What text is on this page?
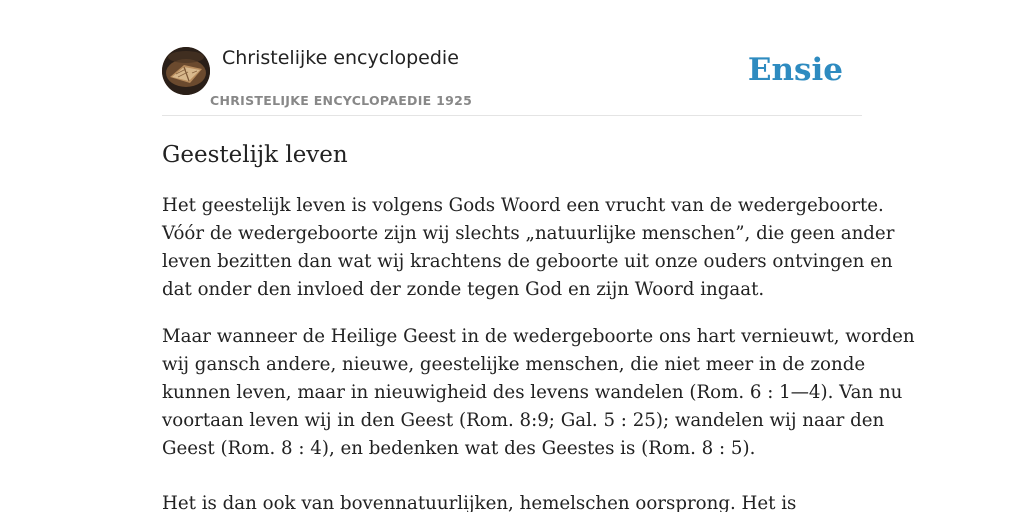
Christelijke encyclopedie
CHRISTELIJKE ENCYCLOPAEDIE 1925
Ensie
Geestelijk leven

Het geestelijk leven is volgens Gods Woord een vrucht van de wedergeboorte.
Vóór de wedergeboorte zijn wij slechts „natuurlijke menschen”, die geen ander
leven bezitten dan wat wij krachtens de geboorte uit onze ouders ontvingen en
dat onder den invloed der zonde tegen God en zijn Woord ingaat.

Maar wanneer de Heilige Geest in de wedergeboorte ons hart vernieuwt, worden
wij gansch andere, nieuwe, geestelijke menschen, die niet meer in de zonde
kunnen leven, maar in nieuwigheid des levens wandelen (Rom. 6 : 1—4). Van nu
voortaan leven wij in den Geest (Rom. 8:9; Gal. 5 : 25); wandelen wij naar den
Geest (Rom. 8 : 4), en bedenken wat des Geestes is (Rom. 8 : 5).

Het is dan ook van bovennatuurlijken, hemelschen oorsprong. Het is
